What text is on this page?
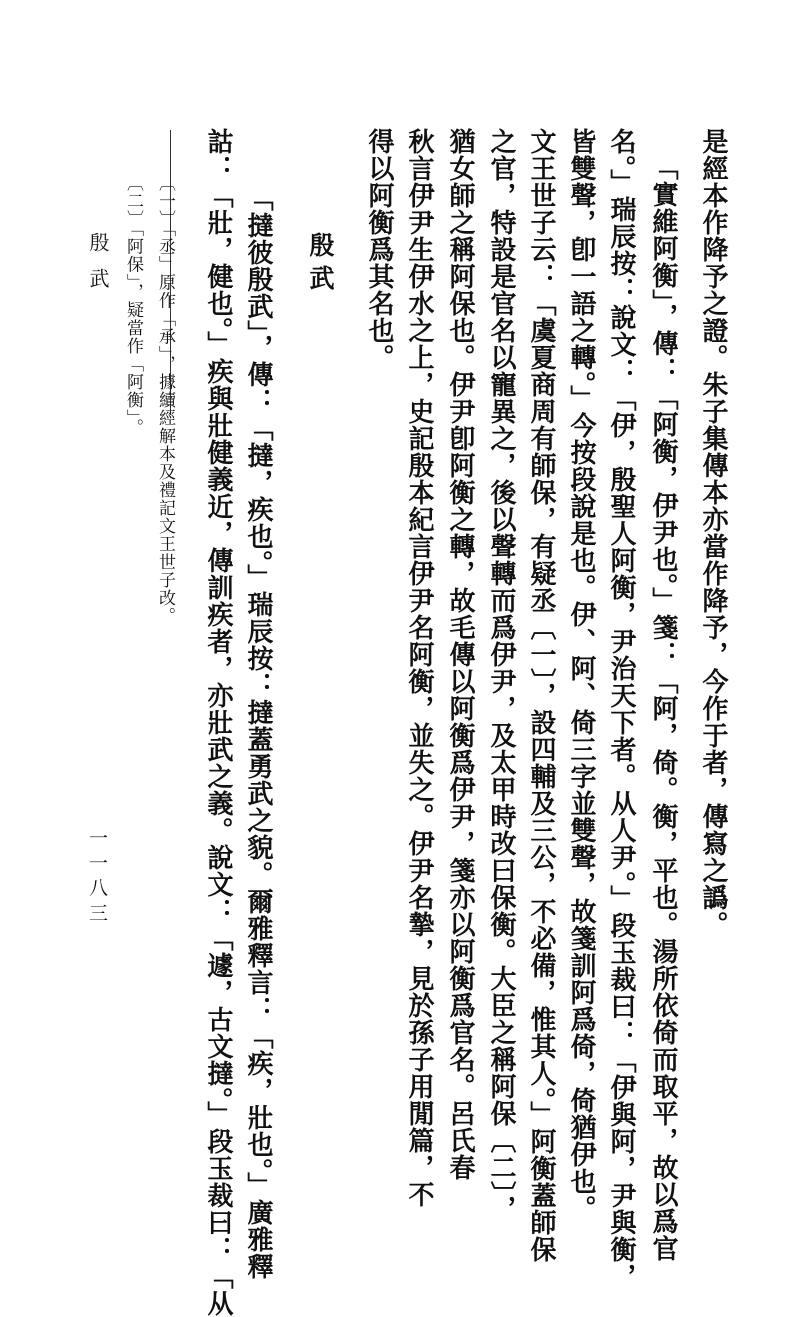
是經本作降予之證。朱子集傳本亦當作降予，今作于者，傳寫之譌。
「實維阿衡」，傳：「阿衡，伊尹也。」箋：「阿，倚。衡，平也。湯所依倚而取平，故以爲官
名。」瑞辰按：說文：「伊，殷聖人阿衡，尹治天下者。从人尹。」段玉裁曰：「伊與阿，尹與衡，
皆雙聲，卽一語之轉。」今按段說是也。伊、阿、倚三字並雙聲，故箋訓阿爲倚，倚猶伊也。
文王世子云：「虞夏商周有師保，有疑丞〔一〕，設四輔及三公，不必備，惟其人。」阿衡蓋師保
之官，特設是官名以寵異之，後以聲轉而爲伊尹，及太甲時改曰保衡。大臣之稱阿保〔二〕，
猶女師之稱阿保也。伊尹卽阿衡之轉，故毛傳以阿衡爲伊尹，箋亦以阿衡爲官名。呂氏春
秋言伊尹生伊水之上，史記殷本紀言伊尹名阿衡，並失之。伊尹名摯，見於孫子用閒篇，不
得以阿衡爲其名也。
殷武
「撻彼殷武」，傳：「撻，疾也。」瑞辰按：撻蓋勇武之貌。爾雅釋言：「疾，壯也。」廣雅釋
詁：「壯，健也。」疾與壯健義近，傳訓疾者，亦壯武之義。說文：「遽，古文撻。」段玉裁曰：「从
〔一〕「丞」原作「承」，據續經解本及禮記文王世子改。
〔二〕「阿保」，疑當作「阿衡」。
殷武
一一八三
